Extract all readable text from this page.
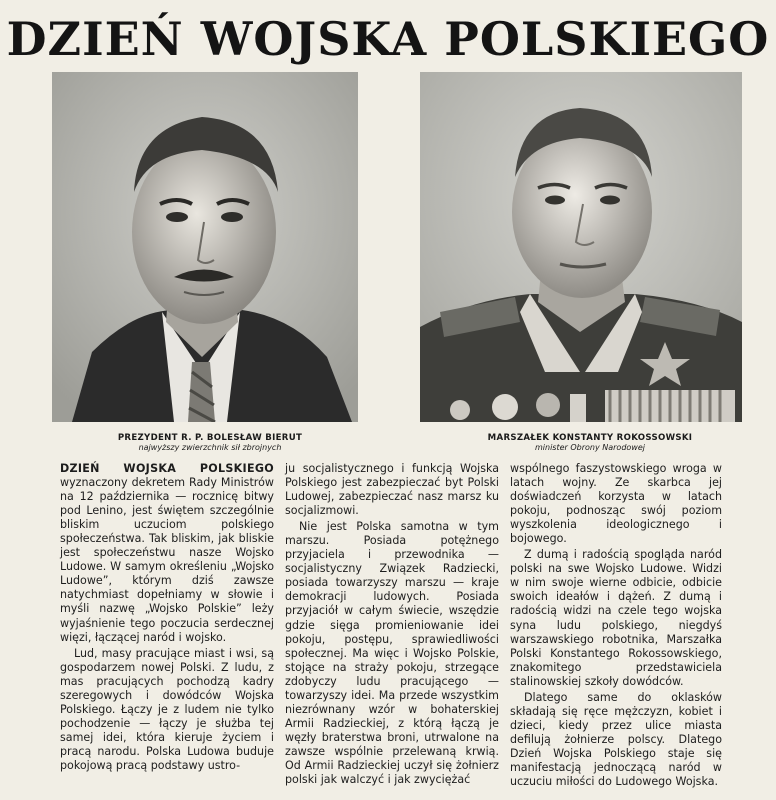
DZIEŃ WOJSKA POLSKIEGO
PREZYDENT R. P. BOLESŁAW BIERUT
najwyższy zwierzchnik sił zbrojnych
MARSZAŁEK KONSTANTY ROKOSSOWSKI
minister Obrony Narodowej

DZIEŃ WOJSKA POLSKIEGO wyznaczony dekretem Rady Ministrów na 12 października — rocznicę bitwy pod Lenino, jest świętem szczególnie bliskim uczuciom polskiego społeczeństwa. Tak bliskim, jak bliskie jest społeczeństwu nasze Wojsko Ludowe. W samym określeniu „Wojsko Ludowe”, którym dziś zawsze natychmiast dopełniamy w słowie i myśli nazwę „Wojsko Polskie” leży wyjaśnienie tego poczucia serdecznej więzi, łączącej naród i wojsko.

Lud, masy pracujące miast i wsi, są gospodarzem nowej Polski. Z ludu, z mas pracujących pochodzą kadry szeregowych i dowódców Wojska Polskiego. Łączy je z ludem nie tylko pochodzenie — łączy je służba tej samej idei, która kieruje życiem i pracą narodu. Polska Ludowa buduje pokojową pracą podstawy ustro-

ju socjalistycznego i funkcją Wojska Polskiego jest zabezpieczać byt Polski Ludowej, zabezpieczać nasz marsz ku socjalizmowi.

Nie jest Polska samotna w tym marszu. Posiada potężnego przyjaciela i przewodnika — socjalistyczny Związek Radziecki, posiada towarzyszy marszu — kraje demokracji ludowych. Posiada przyjaciół w całym świecie, wszędzie gdzie sięga promieniowanie idei pokoju, postępu, sprawiedliwości społecznej. Ma więc i Wojsko Polskie, stojące na straży pokoju, strzegące zdobyczy ludu pracującego — towarzyszy idei. Ma przede wszystkim niezrównany wzór w bohaterskiej Armii Radzieckiej, z którą łączą je węzły braterstwa broni, utrwalone na zawsze wspólnie przelewaną krwią. Od Armii Radzieckiej uczył się żołnierz polski jak walczyć i jak zwyciężać

wspólnego faszystowskiego wroga w latach wojny. Ze skarbca jej doświadczeń korzysta w latach pokoju, podnosząc swój poziom wyszkolenia ideologicznego i bojowego.

Z dumą i radością spogląda naród polski na swe Wojsko Ludowe. Widzi w nim swoje wierne odbicie, odbicie swoich ideałów i dążeń. Z dumą i radością widzi na czele tego wojska syna ludu polskiego, niegdyś warszawskiego robotnika, Marszałka Polski Konstantego Rokossowskiego, znakomitego przedstawiciela stalinowskiej szkoły dowódców.

Dlatego same do oklasków składają się ręce mężczyzn, kobiet i dzieci, kiedy przez ulice miasta defilują żołnierze polscy. Dlatego Dzień Wojska Polskiego staje się manifestacją jednoczącą naród w uczuciu miłości do Ludowego Wojska.
